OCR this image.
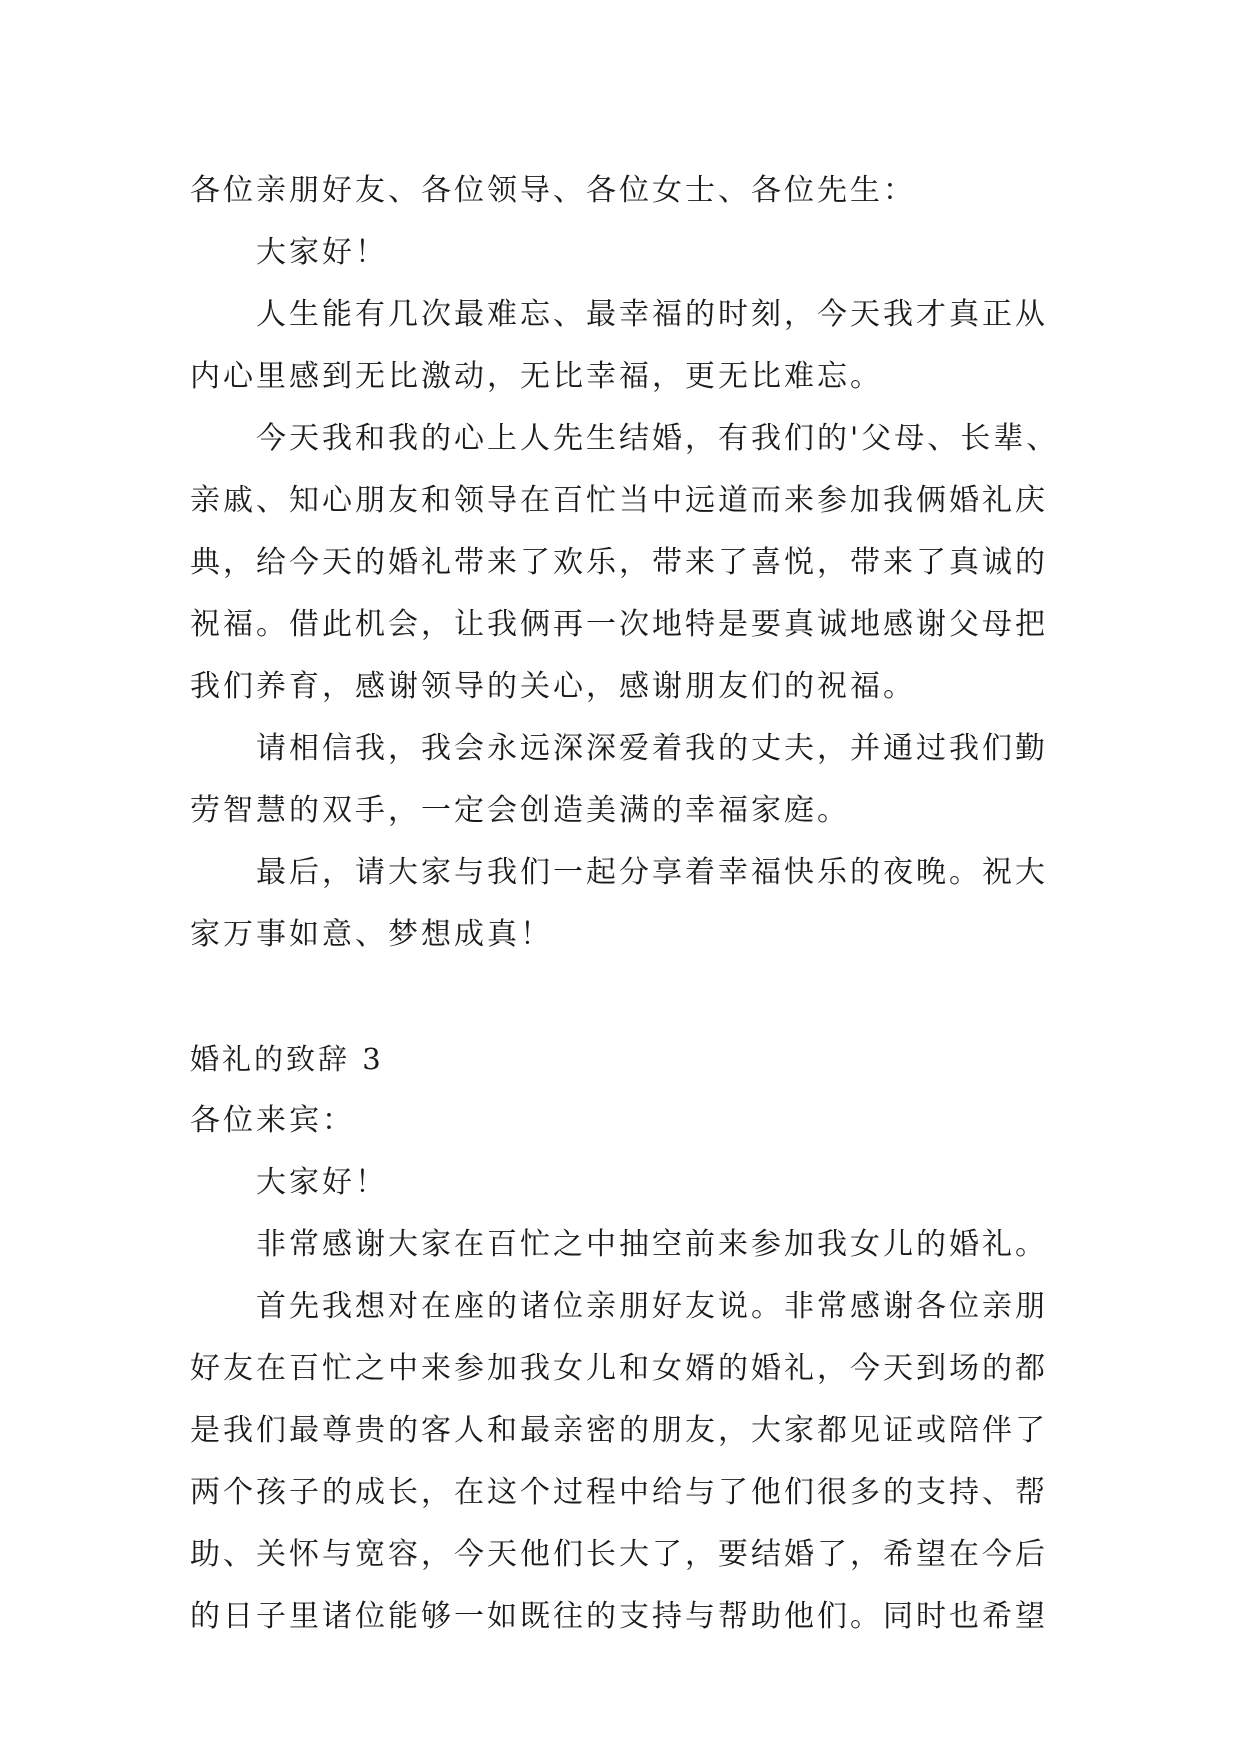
各位亲朋好友、各位领导、各位女士、各位先生：

大家好！

人生能有几次最难忘、最幸福的时刻，今天我才真正从内心里感到无比激动，无比幸福，更无比难忘。

今天我和我的心上人先生结婚，有我们的'父母、长辈、亲戚、知心朋友和领导在百忙当中远道而来参加我俩婚礼庆典，给今天的婚礼带来了欢乐，带来了喜悦，带来了真诚的祝福。借此机会，让我俩再一次地特是要真诚地感谢父母把我们养育，感谢领导的关心，感谢朋友们的祝福。

请相信我，我会永远深深爱着我的丈夫，并通过我们勤劳智慧的双手，一定会创造美满的幸福家庭。

最后，请大家与我们一起分享着幸福快乐的夜晚。祝大家万事如意、梦想成真！

婚礼的致辞 3

各位来宾：

大家好！

非常感谢大家在百忙之中抽空前来参加我女儿的婚礼。

首先我想对在座的诸位亲朋好友说。非常感谢各位亲朋好友在百忙之中来参加我女儿和女婿的婚礼，今天到场的都是我们最尊贵的客人和最亲密的朋友，大家都见证或陪伴了两个孩子的成长，在这个过程中给与了他们很多的支持、帮助、关怀与宽容，今天他们长大了，要结婚了，希望在今后的日子里诸位能够一如既往的支持与帮助他们。同时也希望
